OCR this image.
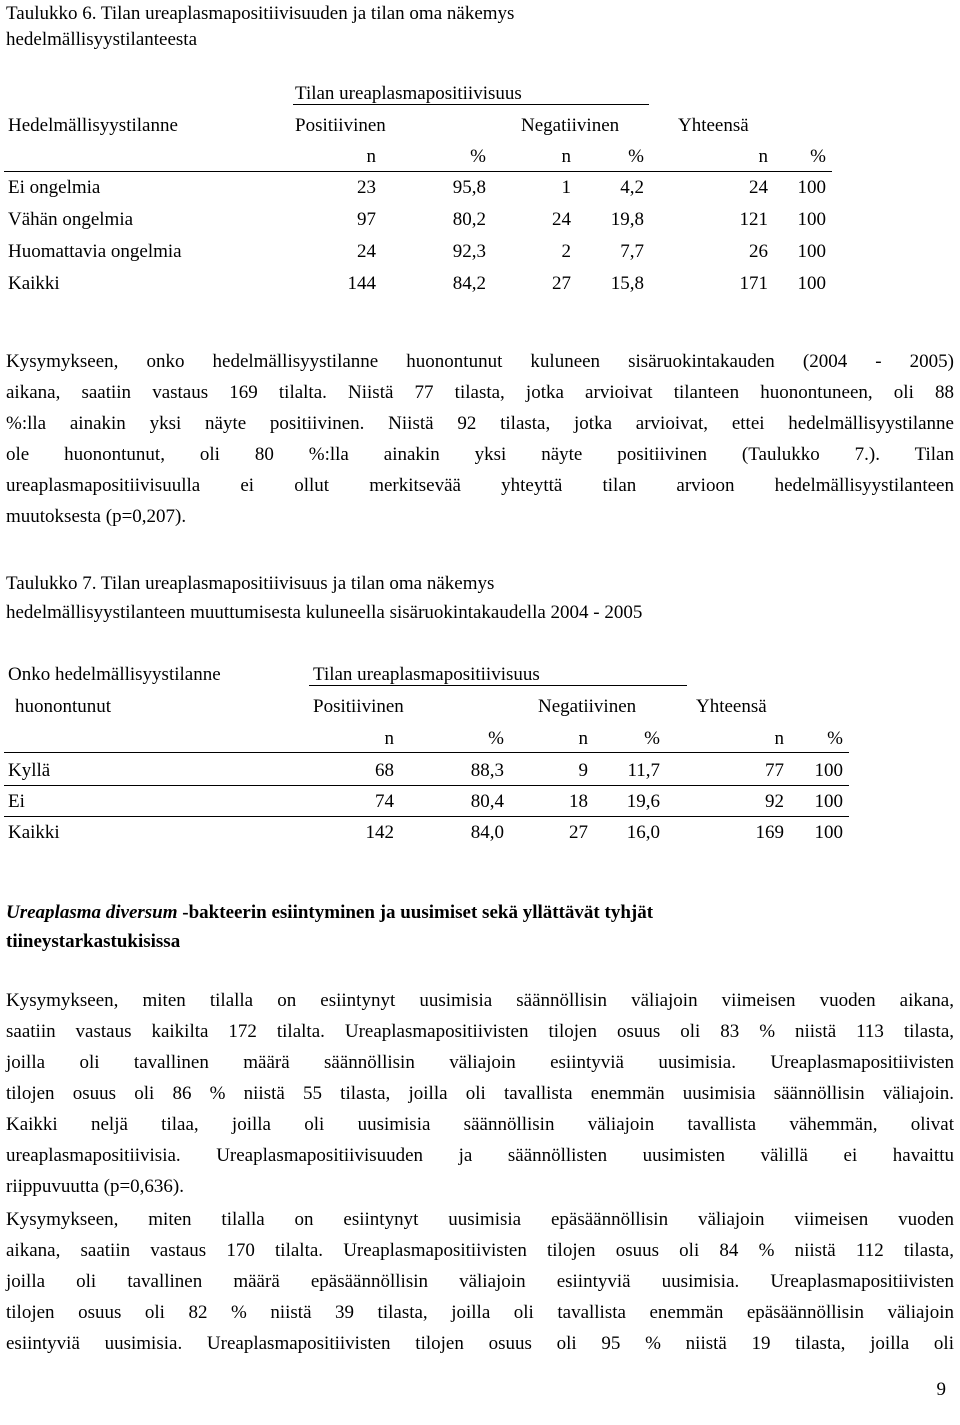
Taulukko 6. Tilan ureaplasmapositiivisuuden ja tilan oma näkemys
hedelmällisyystilanteesta
Tilan ureaplasmapositiivisuus
Hedelmällisyystilanne	Positiivinen	Negatiivinen	Yhteensä
n	%	n	%	n	%
Ei ongelmia	23	95,8	1	4,2	24	100
Vähän ongelmia	97	80,2	24	19,8	121	100
Huomattavia ongelmia	24	92,3	2	7,7	26	100
Kaikki	144	84,2	27	15,8	171	100
Kysymykseen, onko hedelmällisyystilanne huonontunut kuluneen sisäruokintakauden (2004 - 2005)
aikana, saatiin vastaus 169 tilalta. Niistä 77 tilasta, jotka arvioivat tilanteen huonontuneen, oli 88
%:lla ainakin yksi näyte positiivinen. Niistä 92 tilasta, jotka arvioivat, ettei hedelmällisyystilanne
ole huonontunut, oli 80 %:lla ainakin yksi näyte positiivinen (Taulukko 7.). Tilan
ureaplasmapositiivisuulla ei ollut merkitsevää yhteyttä tilan arvioon hedelmällisyystilanteen
muutoksesta (p=0,207).
Taulukko 7. Tilan ureaplasmapositiivisuus ja tilan oma näkemys
hedelmällisyystilanteen muuttumisesta kuluneella sisäruokintakaudella 2004 - 2005
Onko hedelmällisyystilanne	Tilan ureaplasmapositiivisuus
huonontunut	Positiivinen	Negatiivinen	Yhteensä
n	%	n	%	n	%
Kyllä	68	88,3	9	11,7	77	100
Ei	74	80,4	18	19,6	92	100
Kaikki	142	84,0	27	16,0	169	100
Ureaplasma diversum -bakteerin esiintyminen ja uusimiset sekä yllättävät tyhjät
tiineystarkastukisissa
Kysymykseen, miten tilalla on esiintynyt uusimisia säännöllisin väliajoin viimeisen vuoden aikana,
saatiin vastaus kaikilta 172 tilalta. Ureaplasmapositiivisten tilojen osuus oli 83 % niistä 113 tilasta,
joilla oli tavallinen määrä säännöllisin väliajoin esiintyviä uusimisia. Ureaplasmapositiivisten
tilojen osuus oli 86 % niistä 55 tilasta, joilla oli tavallista enemmän uusimisia säännöllisin väliajoin.
Kaikki neljä tilaa, joilla oli uusimisia säännöllisin väliajoin tavallista vähemmän, olivat
ureaplasmapositiivisia. Ureaplasmapositiivisuuden ja säännöllisten uusimisten välillä ei havaittu
riippuvuutta (p=0,636).
Kysymykseen, miten tilalla on esiintynyt uusimisia epäsäännöllisin väliajoin viimeisen vuoden
aikana, saatiin vastaus 170 tilalta. Ureaplasmapositiivisten tilojen osuus oli 84 % niistä 112 tilasta,
joilla oli tavallinen määrä epäsäännöllisin väliajoin esiintyviä uusimisia. Ureaplasmapositiivisten
tilojen osuus oli 82 % niistä 39 tilasta, joilla oli tavallista enemmän epäsäännöllisin väliajoin
esiintyviä uusimisia. Ureaplasmapositiivisten tilojen osuus oli 95 % niistä 19 tilasta, joilla oli
9
